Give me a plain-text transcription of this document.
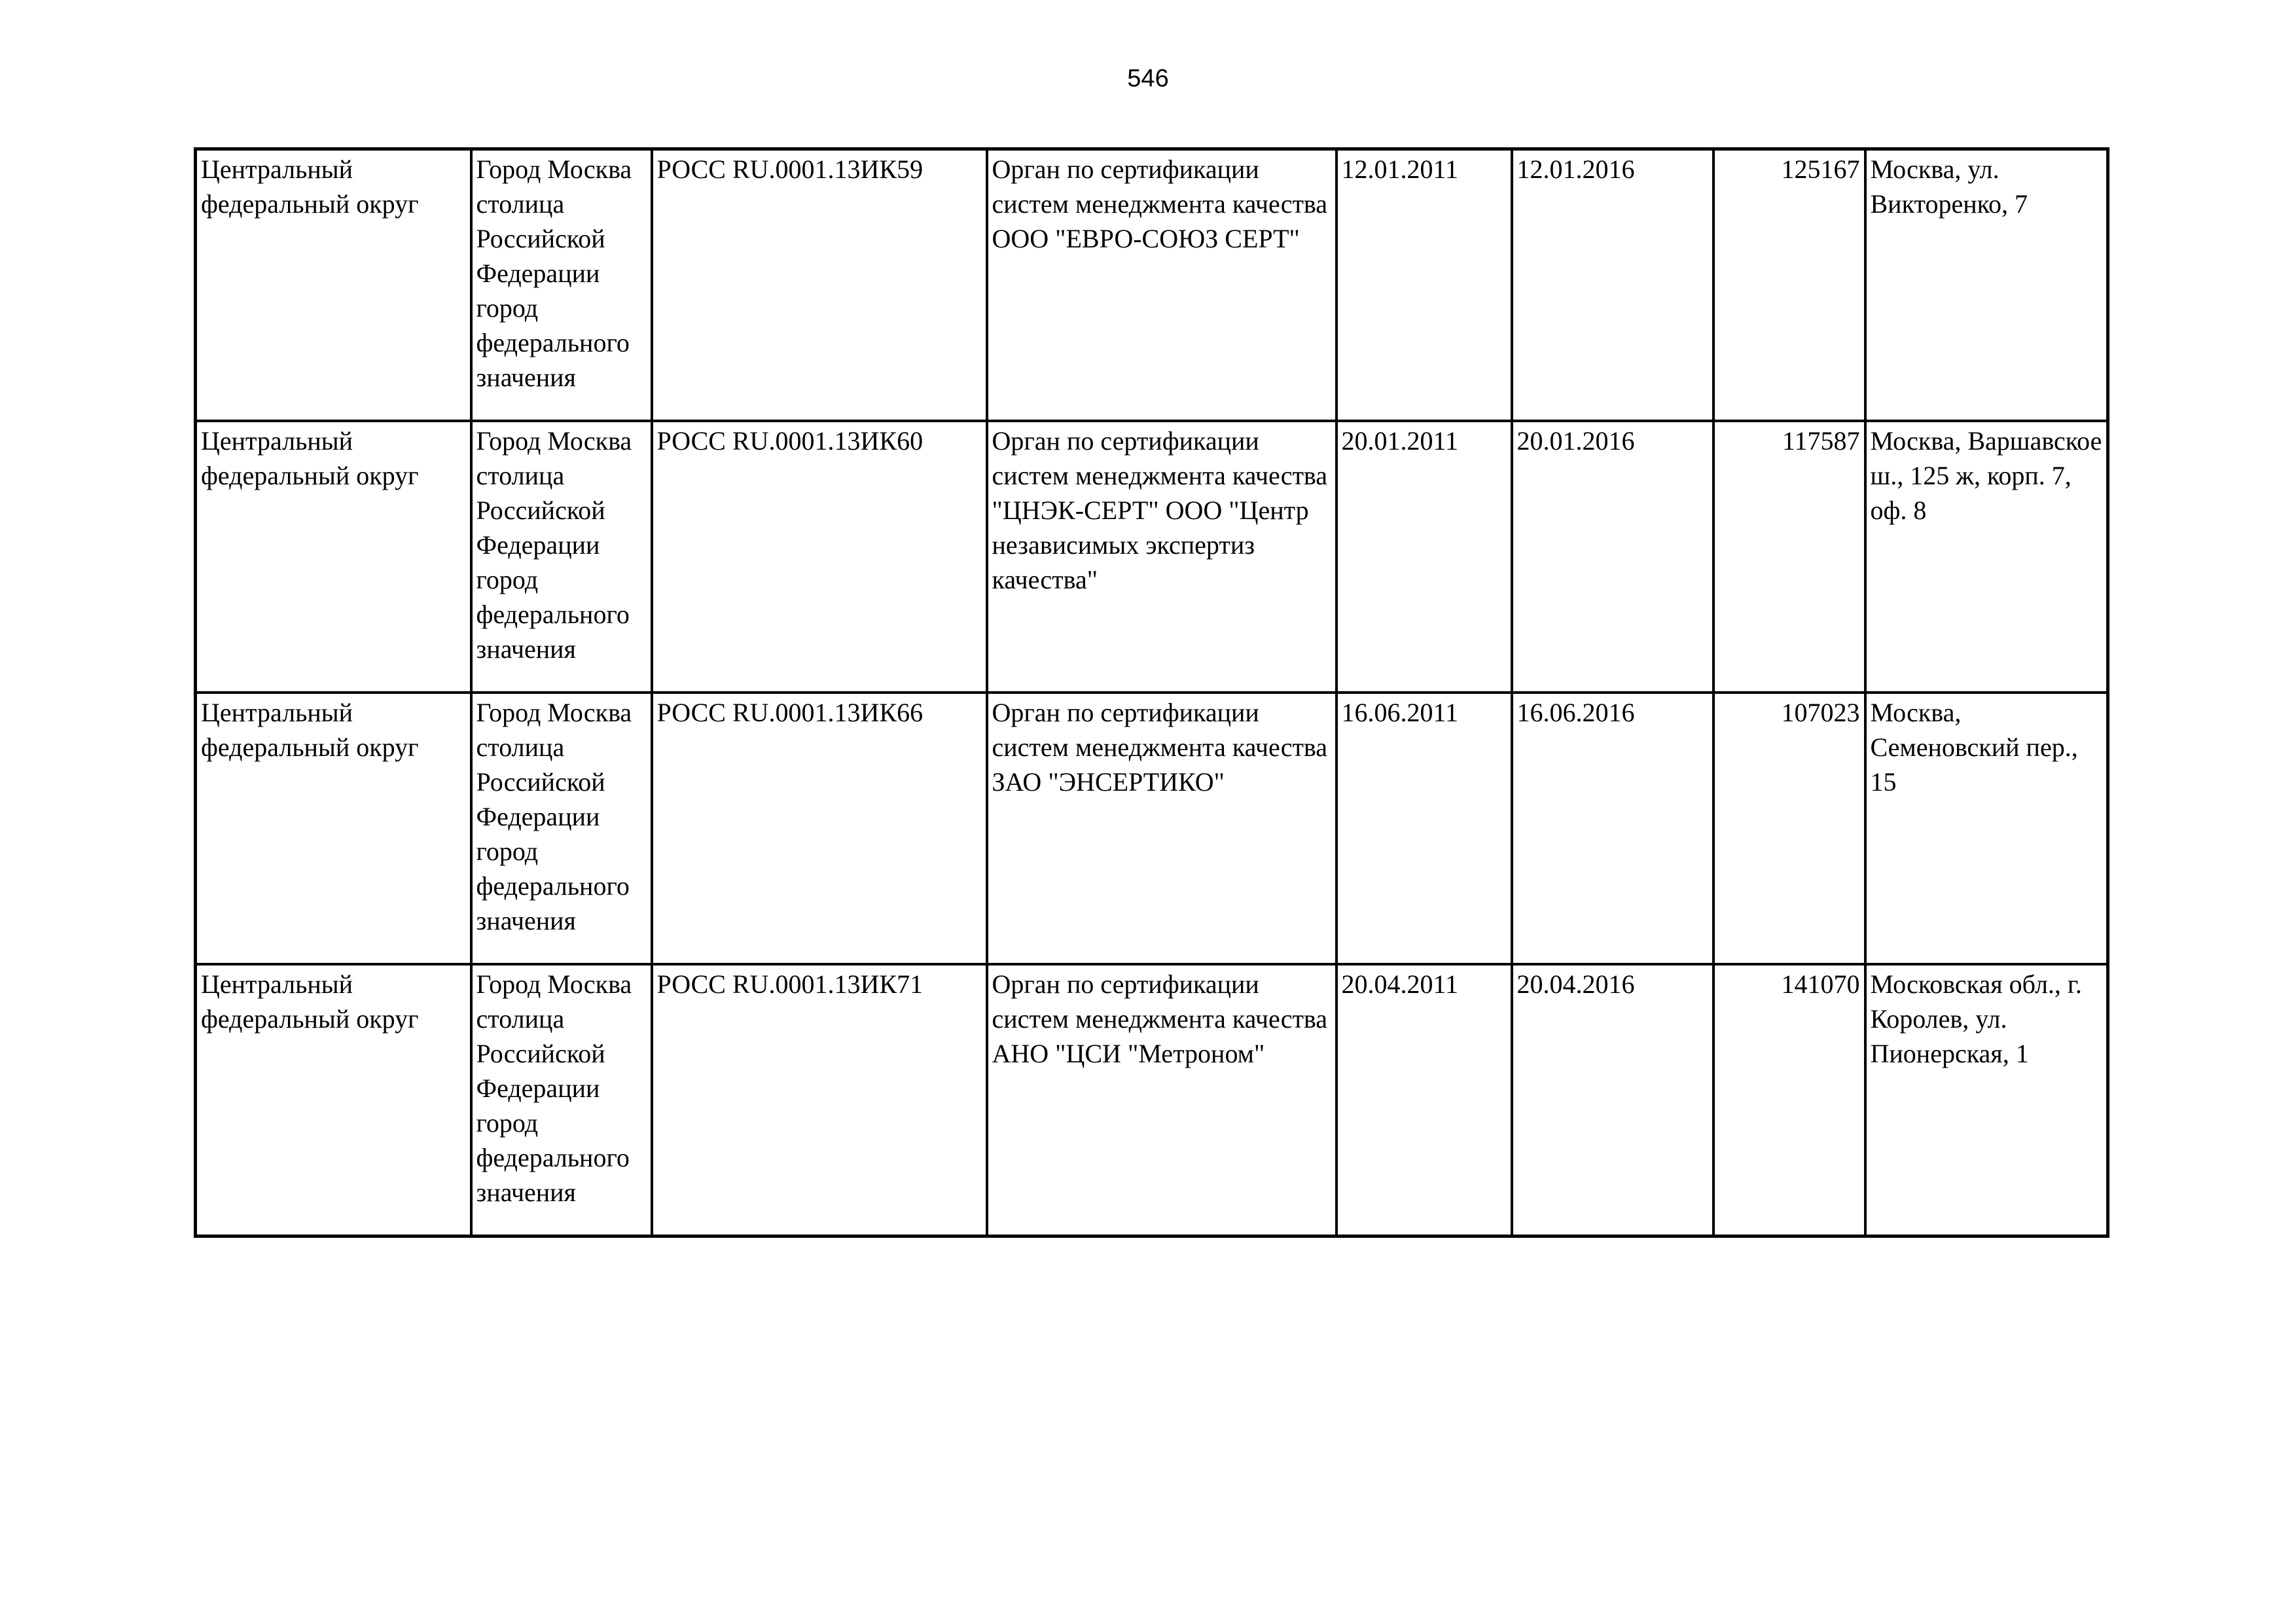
546
Центральный федеральный округ	Город Москва столица Российской Федерации город федерального значения	РОСС RU.0001.13ИК59	Орган по сертификации систем менеджмента качества ООО "ЕВРО-СОЮЗ СЕРТ"	12.01.2011	12.01.2016	125167	Москва, ул. Викторенко, 7

Центральный федеральный округ	Город Москва столица Российской Федерации город федерального значения	РОСС RU.0001.13ИК60	Орган по сертификации систем менеджмента качества "ЦНЭК-СЕРТ" ООО "Центр независимых экспертиз качества"	20.01.2011	20.01.2016	117587	Москва, Варшавское ш., 125 ж, корп. 7, оф. 8

Центральный федеральный округ	Город Москва столица Российской Федерации город федерального значения	РОСС RU.0001.13ИК66	Орган по сертификации систем менеджмента качества ЗАО "ЭНСЕРТИКО"	16.06.2011	16.06.2016	107023	Москва, Семеновский пер., 15

Центральный федеральный округ	Город Москва столица Российской Федерации город федерального значения	РОСС RU.0001.13ИК71	Орган по сертификации систем менеджмента качества АНО "ЦСИ "Метроном"	20.04.2011	20.04.2016	141070	Московская обл., г. Королев, ул. Пионерская, 1
